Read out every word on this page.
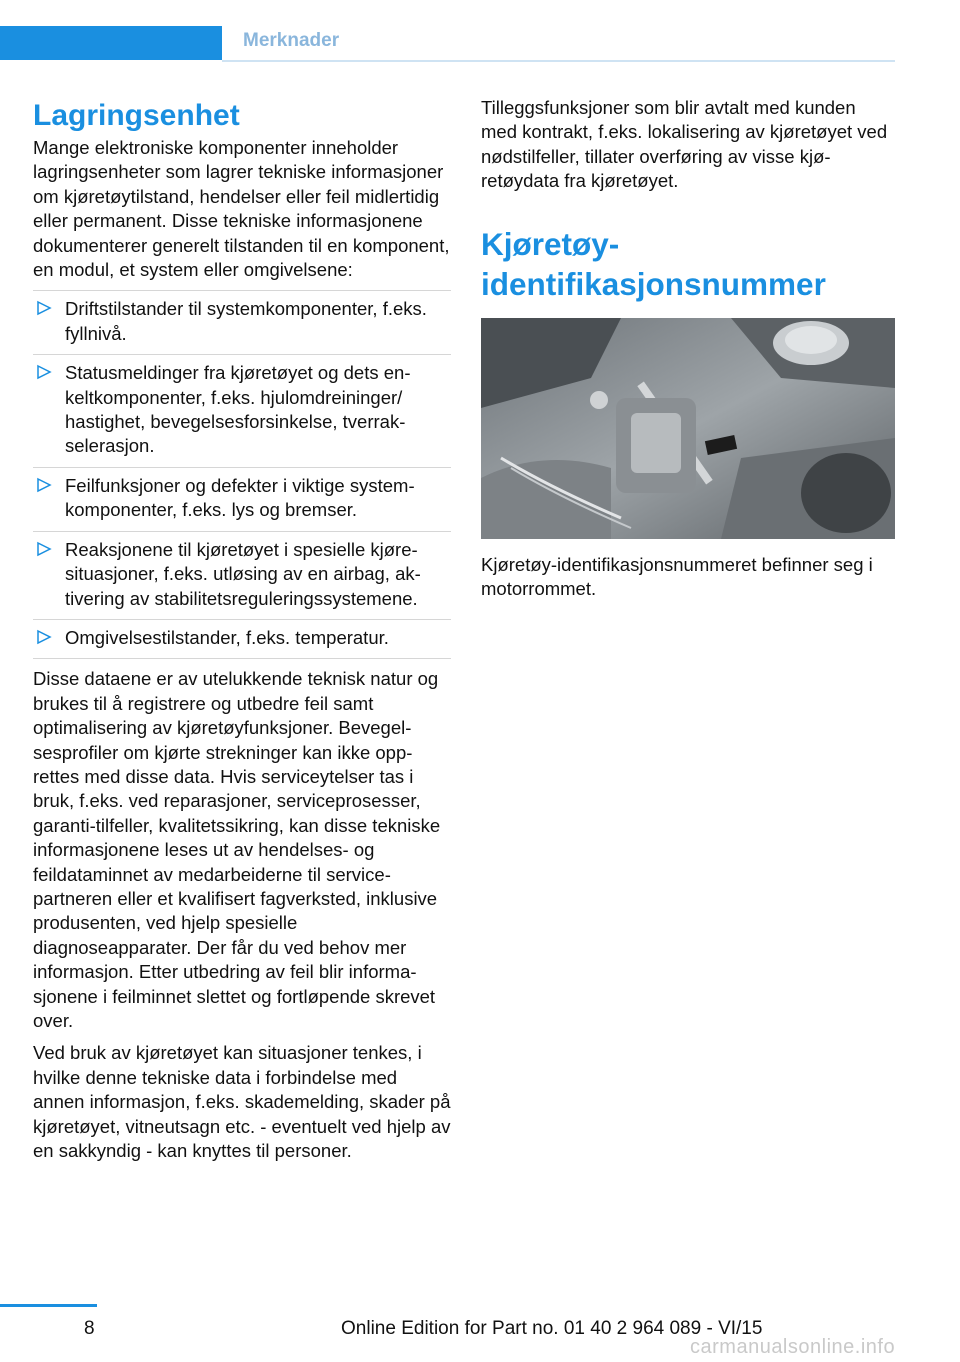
Merknader
Lagringsenhet

Mange elektroniske komponenter inneholder lagringsenheter som lagrer tekniske informasjoner om kjøretøytilstand, hendelser eller feil midlertidig eller permanent. Disse tekniske informasjonene dokumenterer generelt tilstanden til en komponent, en modul, et system eller omgivelsene:

Driftstilstander til systemkomponenter, f.eks. fyllnivå.
Statusmeldinger fra kjøretøyet og dets enkeltkomponenter, f.eks. hjulomdreininger/ hastighet, bevegelsesforsinkelse, tverrakselerasjon.
Feilfunksjoner og defekter i viktige systemkomponenter, f.eks. lys og bremser.
Reaksjonene til kjøretøyet i spesielle kjøresituasjoner, f.eks. utløsing av en airbag, aktivering av stabilitetsreguleringssystemene.
Omgivelsestilstander, f.eks. temperatur.

Disse dataene er av utelukkende teknisk natur og brukes til å registrere og utbedre feil samt optimalisering av kjøretøyfunksjoner. Bevegelsesprofiler om kjørte strekninger kan ikke opprettes med disse data. Hvis serviceytelser tas i bruk, f.eks. ved reparasjoner, serviceprosesser, garanti-tilfeller, kvalitetssikring, kan disse tekniske informasjonene leses ut av hendelses- og feildataminnet av medarbeiderne til servicepartneren eller et kvalifisert fagverksted, inklusive produsenten, ved hjelp spesielle diagnoseapparater. Der får du ved behov mer informasjon. Etter utbedring av feil blir informasjonene i feilminnet slettet og fortløpende skrevet over.

Ved bruk av kjøretøyet kan situasjoner tenkes, i hvilke denne tekniske data i forbindelse med annen informasjon, f.eks. skademelding, skader på kjøretøyet, vitneutsagn etc. - eventuelt ved hjelp av en sakkyndig - kan knyttes til personer.

Tilleggsfunksjoner som blir avtalt med kunden med kontrakt, f.eks. lokalisering av kjøretøyet ved nødstilfeller, tillater overføring av visse kjøretøydata fra kjøretøyet.

Kjøretøy-identifikasjonsnummer

Kjøretøy-identifikasjonsnummeret befinner seg i motorrommet.

8	Online Edition for Part no. 01 40 2 964 089 - VI/15
carmanualsonline.info
